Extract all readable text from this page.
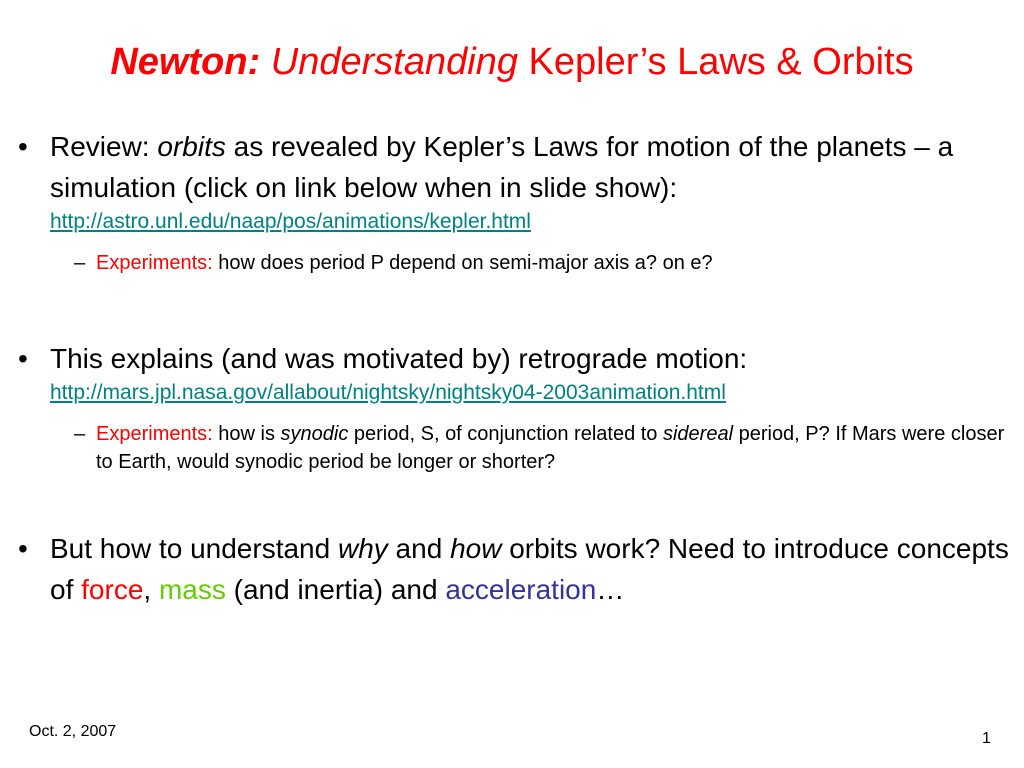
Newton: Understanding Kepler’s Laws & Orbits
• Review: orbits as revealed by Kepler’s Laws for motion of the planets – a simulation (click on link below when in slide show):
http://astro.unl.edu/naap/pos/animations/kepler.html
– Experiments: how does period P depend on semi-major axis a? on e?
• This explains (and was motivated by) retrograde motion:
http://mars.jpl.nasa.gov/allabout/nightsky/nightsky04-2003animation.html
– Experiments: how is synodic period, S, of conjunction related to sidereal period, P? If Mars were closer to Earth, would synodic period be longer or shorter?
• But how to understand why and how orbits work? Need to introduce concepts of force, mass (and inertia) and acceleration…
Oct. 2, 2007	1
